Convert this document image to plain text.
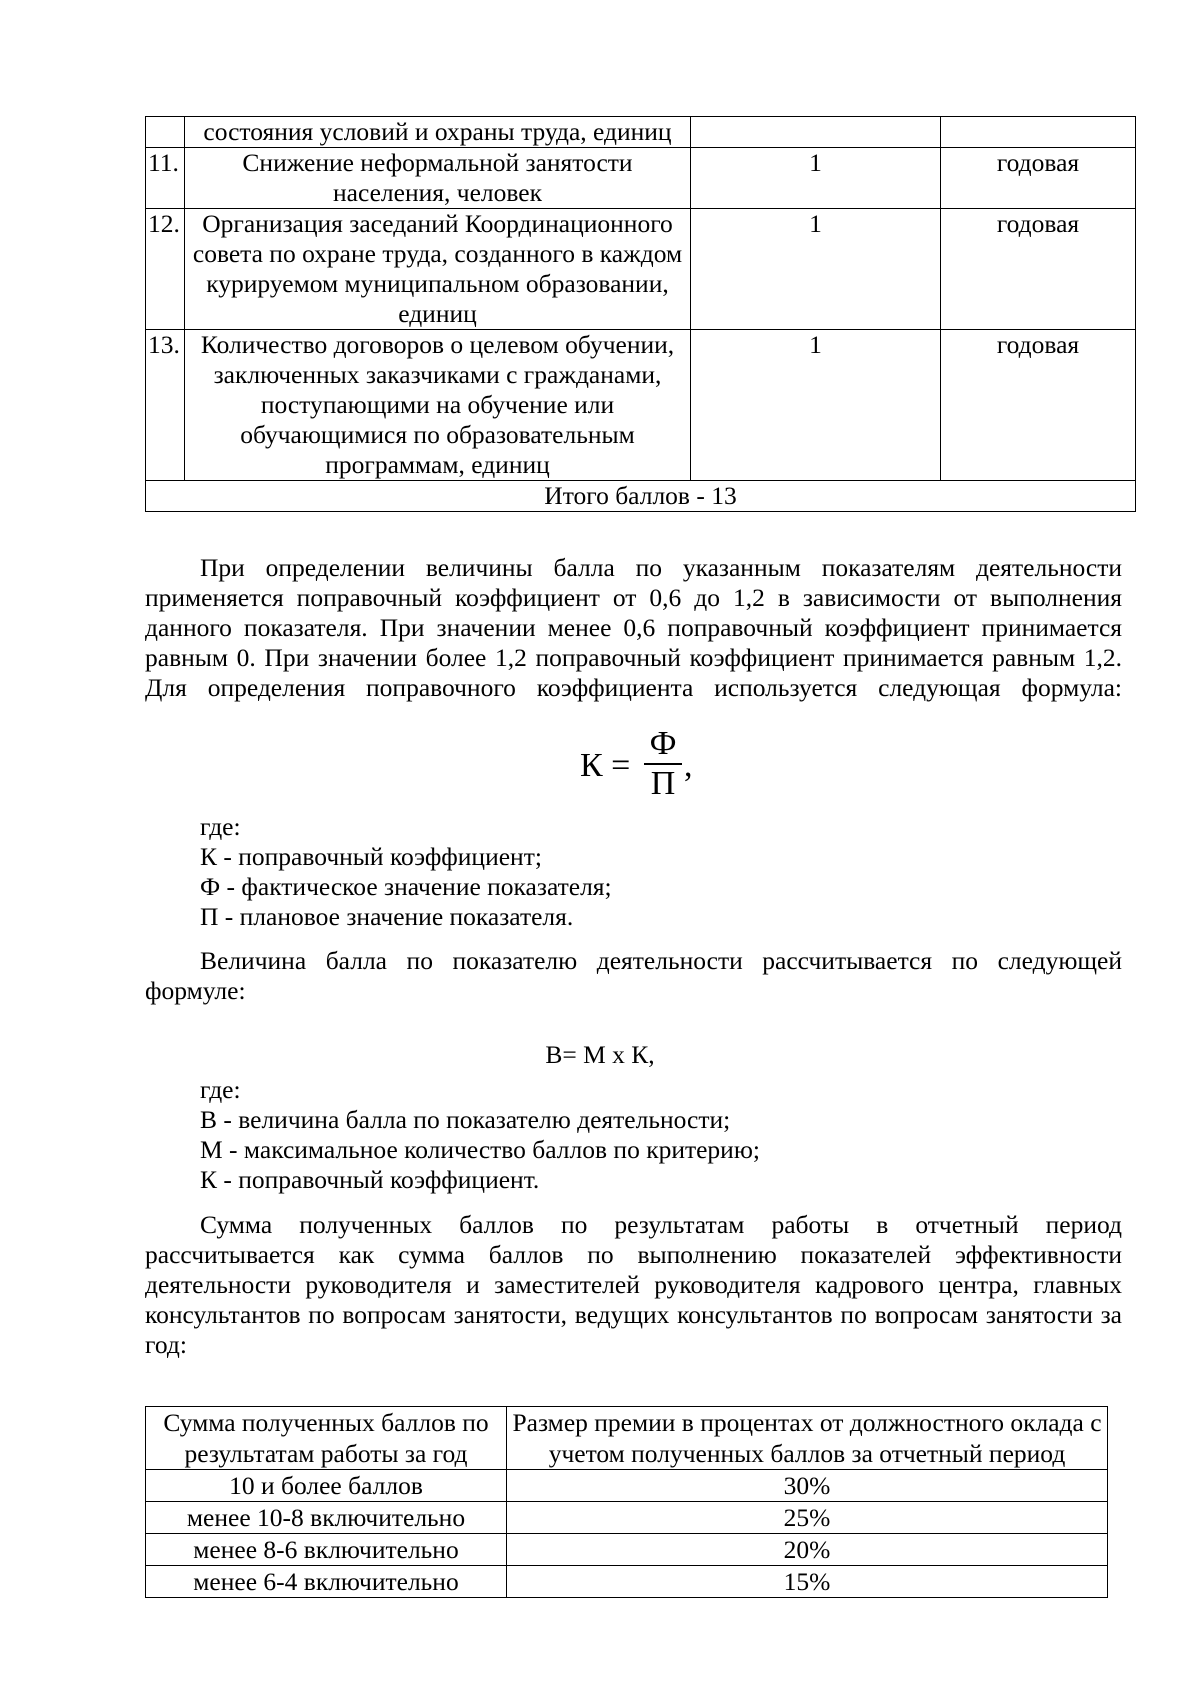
	состояния условий и охраны труда, единиц		
11.	Снижение неформальной занятости населения, человек	1	годовая
12.	Организация заседаний Координационного совета по охране труда, созданного в каждом курируемом муниципальном образовании, единиц	1	годовая
13.	Количество договоров о целевом обучении, заключенных заказчиками с гражданами, поступающими на обучение или обучающимися по образовательным программам, единиц	1	годовая
Итого баллов - 13			

При определении величины балла по указанным показателям деятельности применяется поправочный коэффициент от 0,6 до 1,2 в зависимости от выполнения данного показателя. При значении менее 0,6 поправочный коэффициент принимается равным 0. При значении более 1,2 поправочный коэффициент принимается равным 1,2. Для определения поправочного коэффициента используется следующая формула:

К =
Ф
П ,

где:

К - поправочный коэффициент;

Ф - фактическое значение показателя;

П - плановое значение показателя.

Величина балла по показателю деятельности рассчитывается по следующей формуле:

В= М х К,

где:

В - величина балла по показателю деятельности;

М - максимальное количество баллов по критерию;

К - поправочный коэффициент.

Сумма полученных баллов по результатам работы в отчетный период рассчитывается как сумма баллов по выполнению показателей эффективности деятельности руководителя и заместителей руководителя кадрового центра, главных консультантов по вопросам занятости, ведущих консультантов по вопросам занятости за год:

Сумма полученных баллов по результатам работы за год	Размер премии в процентах от должностного оклада с учетом полученных баллов за отчетный период
10 и более баллов	30%
менее 10-8 включительно	25%
менее 8-6 включительно	20%
менее 6-4 включительно	15%
